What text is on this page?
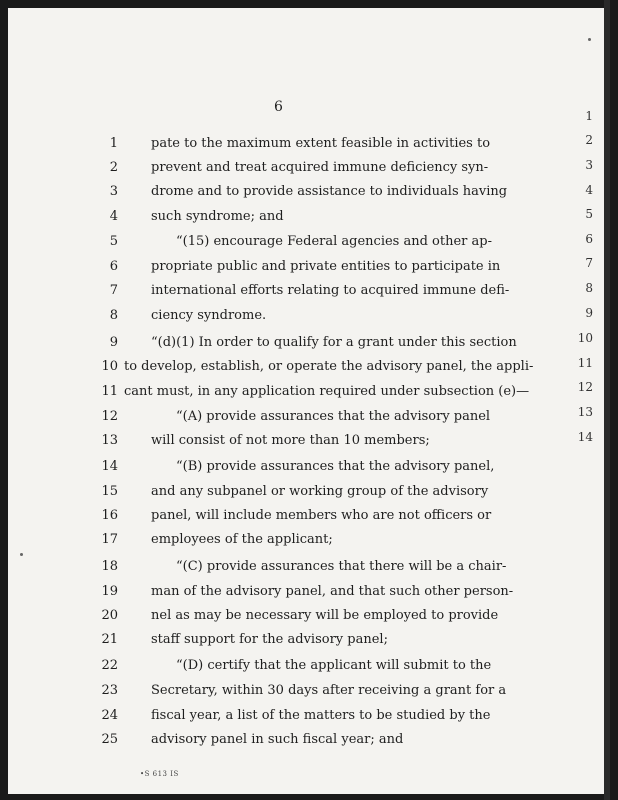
6
1	pate to the maximum extent feasible in activities to
2	prevent and treat acquired immune deficiency syn-
3	drome and to provide assistance to individuals having
4	such syndrome; and
5	“(15) encourage Federal agencies and other ap-
6	propriate public and private entities to participate in
7	international efforts relating to acquired immune defi-
8	ciency syndrome.
9	“(d)(1) In order to qualify for a grant under this section
10 to develop, establish, or operate the advisory panel, the appli-
11 cant must, in any application required under subsection (e)—
12	“(A) provide assurances that the advisory panel
13	will consist of not more than 10 members;
14	“(B) provide assurances that the advisory panel,
15	and any subpanel or working group of the advisory
16	panel, will include members who are not officers or
17	employees of the applicant;
18	“(C) provide assurances that there will be a chair-
19	man of the advisory panel, and that such other person-
20	nel as may be necessary will be employed to provide
21	staff support for the advisory panel;
22	“(D) certify that the applicant will submit to the
23	Secretary, within 30 days after receiving a grant for a
24	fiscal year, a list of the matters to be studied by the
25	advisory panel in such fiscal year; and
1
2
3
4
5
6
7
8
9
10
11
12
13
14
•S 613 IS
